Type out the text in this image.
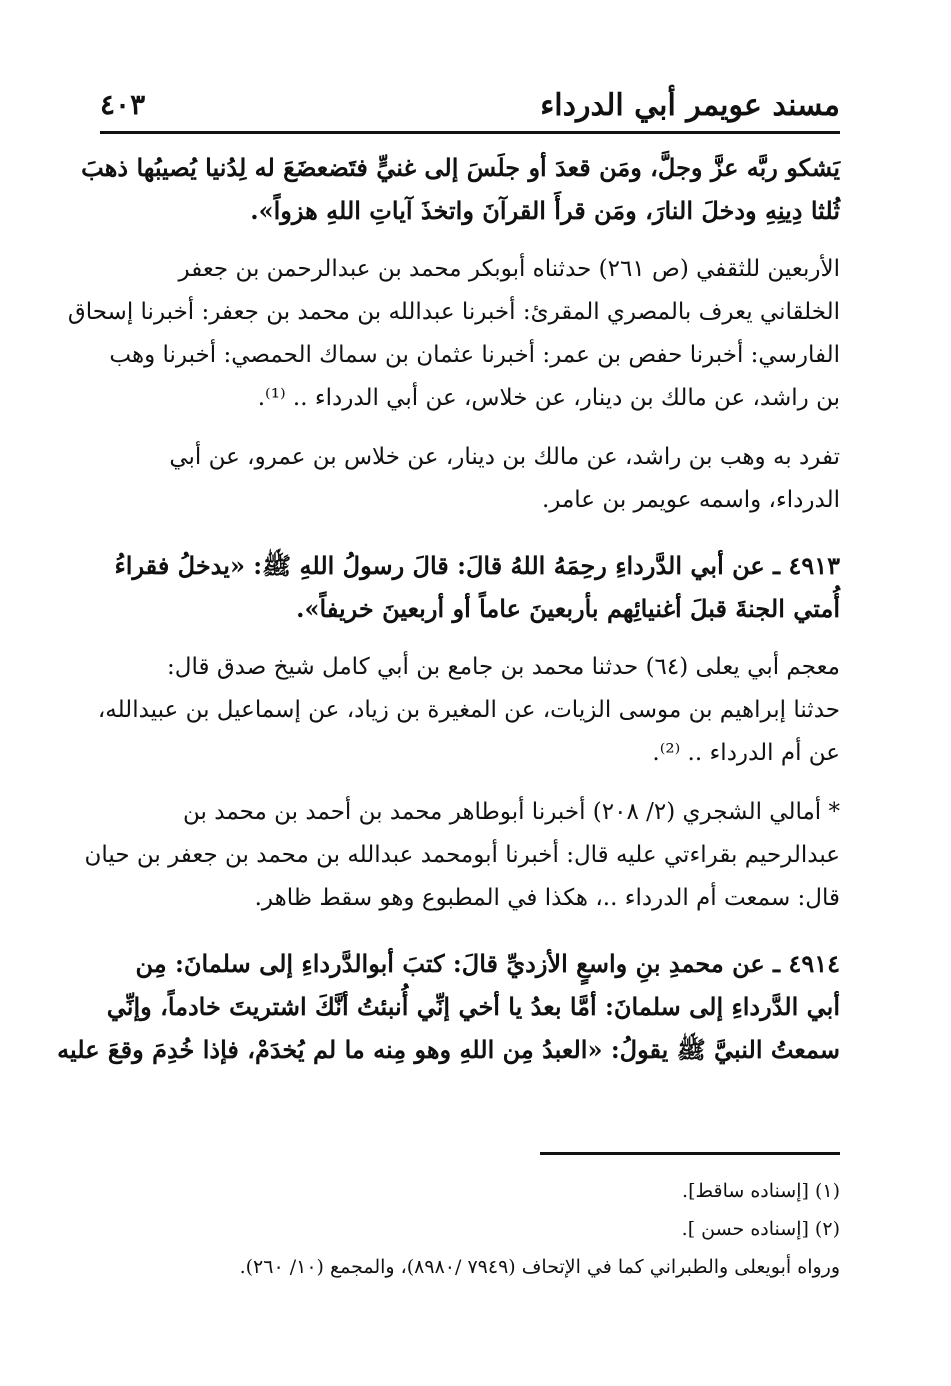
مسند عويمر أبي الدرداء
٤٠٣

يَشكو ربَّه عزَّ وجلَّ، ومَن قعدَ أو جلَسَ إلى غنيٍّ فتَضعضَعَ له لِدُنيا يُصيبُها ذهبَ
ثُلثا دِينِهِ ودخلَ النارَ، ومَن قرأَ القرآنَ واتخذَ آياتِ اللهِ هزواً».

الأربعين للثقفي (ص ٢٦١) حدثناه أبوبكر محمد بن عبدالرحمن بن جعفر
الخلقاني يعرف بالمصري المقرئ: أخبرنا عبدالله بن محمد بن جعفر: أخبرنا إسحاق
الفارسي: أخبرنا حفص بن عمر: أخبرنا عثمان بن سماك الحمصي: أخبرنا وهب
بن راشد، عن مالك بن دينار، عن خلاس، عن أبي الدرداء .. ⁽¹⁾.

تفرد به وهب بن راشد، عن مالك بن دينار، عن خلاس بن عمرو، عن أبي
الدرداء، واسمه عويمر بن عامر.

٤٩١٣ ـ عن أبي الدَّرداءِ رحِمَهُ اللهُ قالَ: قالَ رسولُ اللهِ ﷺ: «يدخلُ فقراءُ
أُمتي الجنةَ قبلَ أغنيائِهم بأربعينَ عاماً أو أربعينَ خريفاً».

معجم أبي يعلى (٦٤) حدثنا محمد بن جامع بن أبي كامل شيخ صدق قال:
حدثنا إبراهيم بن موسى الزيات، عن المغيرة بن زياد، عن إسماعيل بن عبيدالله،
عن أم الدرداء .. ⁽²⁾.

* أمالي الشجري (٢/ ٢٠٨) أخبرنا أبوطاهر محمد بن أحمد بن محمد بن
عبدالرحيم بقراءتي عليه قال: أخبرنا أبومحمد عبدالله بن محمد بن جعفر بن حيان
قال: سمعت أم الدرداء ..، هكذا في المطبوع وهو سقط ظاهر.

٤٩١٤ ـ عن محمدِ بنِ واسعٍ الأزديِّ قالَ: كتبَ أبوالدَّرداءِ إلى سلمانَ: مِن
أبي الدَّرداءِ إلى سلمانَ: أمَّا بعدُ يا أخي إنِّي أُنبئتُ أنَّكَ اشتريتَ خادماً، وإنِّي
سمعتُ النبيَّ ﷺ يقولُ: «العبدُ مِن اللهِ وهو مِنه ما لم يُخدَمْ، فإذا خُدِمَ وقعَ عليه

(١) [إسناده ساقط].
(٢) [إسناده حسن ].
ورواه أبويعلى والطبراني كما في الإتحاف (٧٩٤٩ /٨٩٨٠)، والمجمع (١٠/ ٢٦٠).
